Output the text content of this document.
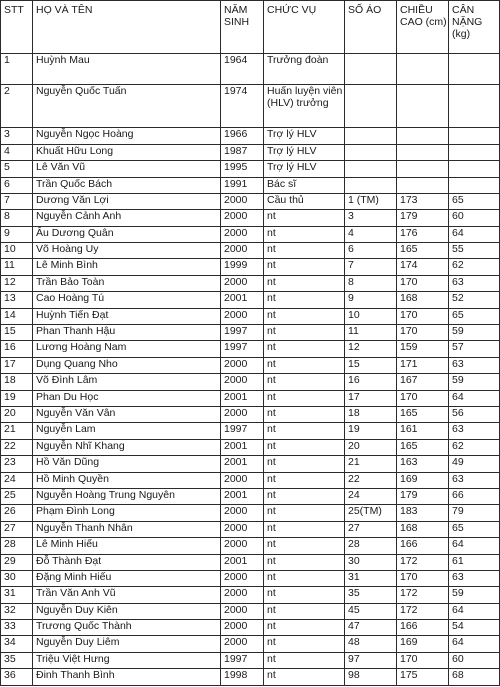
STT	HỌ VÀ TÊN	NĂM SINH	CHỨC VỤ	SỐ ÁO	CHIỀU CAO (cm)	CÂN NẶNG (kg)
1	Huỳnh Mau	1964	Trưởng đoàn			
2	Nguyễn Quốc Tuấn	1974	Huấn luyện viên (HLV) trưởng			
3	Nguyễn Ngọc Hoàng	1966	Trợ lý HLV			
4	Khuất Hữu Long	1987	Trợ lý HLV			
5	Lê Văn Vũ	1995	Trợ lý HLV			
6	Trần Quốc Bách	1991	Bác sĩ			
7	Dương Văn Lợi	2000	Cầu thủ	1 (TM)	173	65
8	Nguyễn Cảnh Anh	2000	nt	3	179	60
9	Âu Dương Quân	2000	nt	4	176	64
10	Võ Hoàng Uy	2000	nt	6	165	55
11	Lê Minh Bình	1999	nt	7	174	62
12	Trần Bảo Toàn	2000	nt	8	170	63
13	Cao Hoàng Tú	2001	nt	9	168	52
14	Huỳnh Tiến Đạt	2000	nt	10	170	65
15	Phan Thanh Hậu	1997	nt	11	170	59
16	Lương Hoàng Nam	1997	nt	12	159	57
17	Dụng Quang Nho	2000	nt	15	171	63
18	Võ Đình Lâm	2000	nt	16	167	59
19	Phan Du Học	2001	nt	17	170	64
20	Nguyễn Văn Vân	2000	nt	18	165	56
21	Nguyễn Lam	1997	nt	19	161	63
22	Nguyễn Nhĩ Khang	2001	nt	20	165	62
23	Hồ Văn Dũng	2001	nt	21	163	49
24	Hồ Minh Quyền	2000	nt	22	169	63
25	Nguyễn Hoàng Trung Nguyên	2001	nt	24	179	66
26	Phạm Đình Long	2000	nt	25(TM)	183	79
27	Nguyễn Thanh Nhân	2000	nt	27	168	65
28	Lê Minh Hiếu	2000	nt	28	166	64
29	Đỗ Thành Đạt	2001	nt	30	172	61
30	Đặng Minh Hiếu	2000	nt	31	170	63
31	Trần Văn Anh Vũ	2000	nt	35	172	59
32	Nguyễn Duy Kiên	2000	nt	45	172	64
33	Trương Quốc Thành	2000	nt	47	166	54
34	Nguyễn Duy Liêm	2000	nt	48	169	64
35	Triệu Việt Hưng	1997	nt	97	170	60
36	Đinh Thanh Bình	1998	nt	98	175	68
